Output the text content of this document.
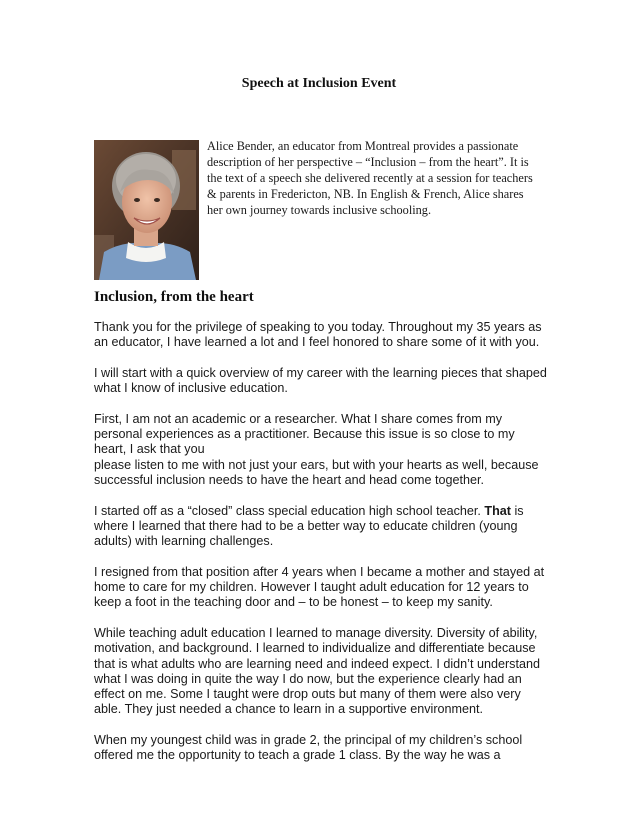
Speech at Inclusion Event
Alice Bender, an educator from Montreal provides a passionate
description of her perspective – “Inclusion – from the heart”. It is
the text of a speech she delivered recently at a session for teachers
& parents in Fredericton, NB. In English & French, Alice shares
her own journey towards inclusive schooling.
Inclusion, from the heart

Thank you for the privilege of speaking to you today. Throughout my 35 years as
an educator, I have learned a lot and I feel honored to share some of it with you.

I will start with a quick overview of my career with the learning pieces that shaped
what I know of inclusive education.

First, I am not an academic or a researcher. What I share comes from my
personal experiences as a practitioner. Because this issue is so close to my
heart, I ask that you
please listen to me with not just your ears, but with your hearts as well, because
successful inclusion needs to have the heart and head come together.

I started off as a “closed” class special education high school teacher. That is
where I learned that there had to be a better way to educate children (young
adults) with learning challenges.

I resigned from that position after 4 years when I became a mother and stayed at
home to care for my children. However I taught adult education for 12 years to
keep a foot in the teaching door and – to be honest – to keep my sanity.

While teaching adult education I learned to manage diversity. Diversity of ability,
motivation, and background. I learned to individualize and differentiate because
that is what adults who are learning need and indeed expect. I didn’t understand
what I was doing in quite the way I do now, but the experience clearly had an
effect on me. Some I taught were drop outs but many of them were also very
able. They just needed a chance to learn in a supportive environment.

When my youngest child was in grade 2, the principal of my children’s school
offered me the opportunity to teach a grade 1 class. By the way he was a
